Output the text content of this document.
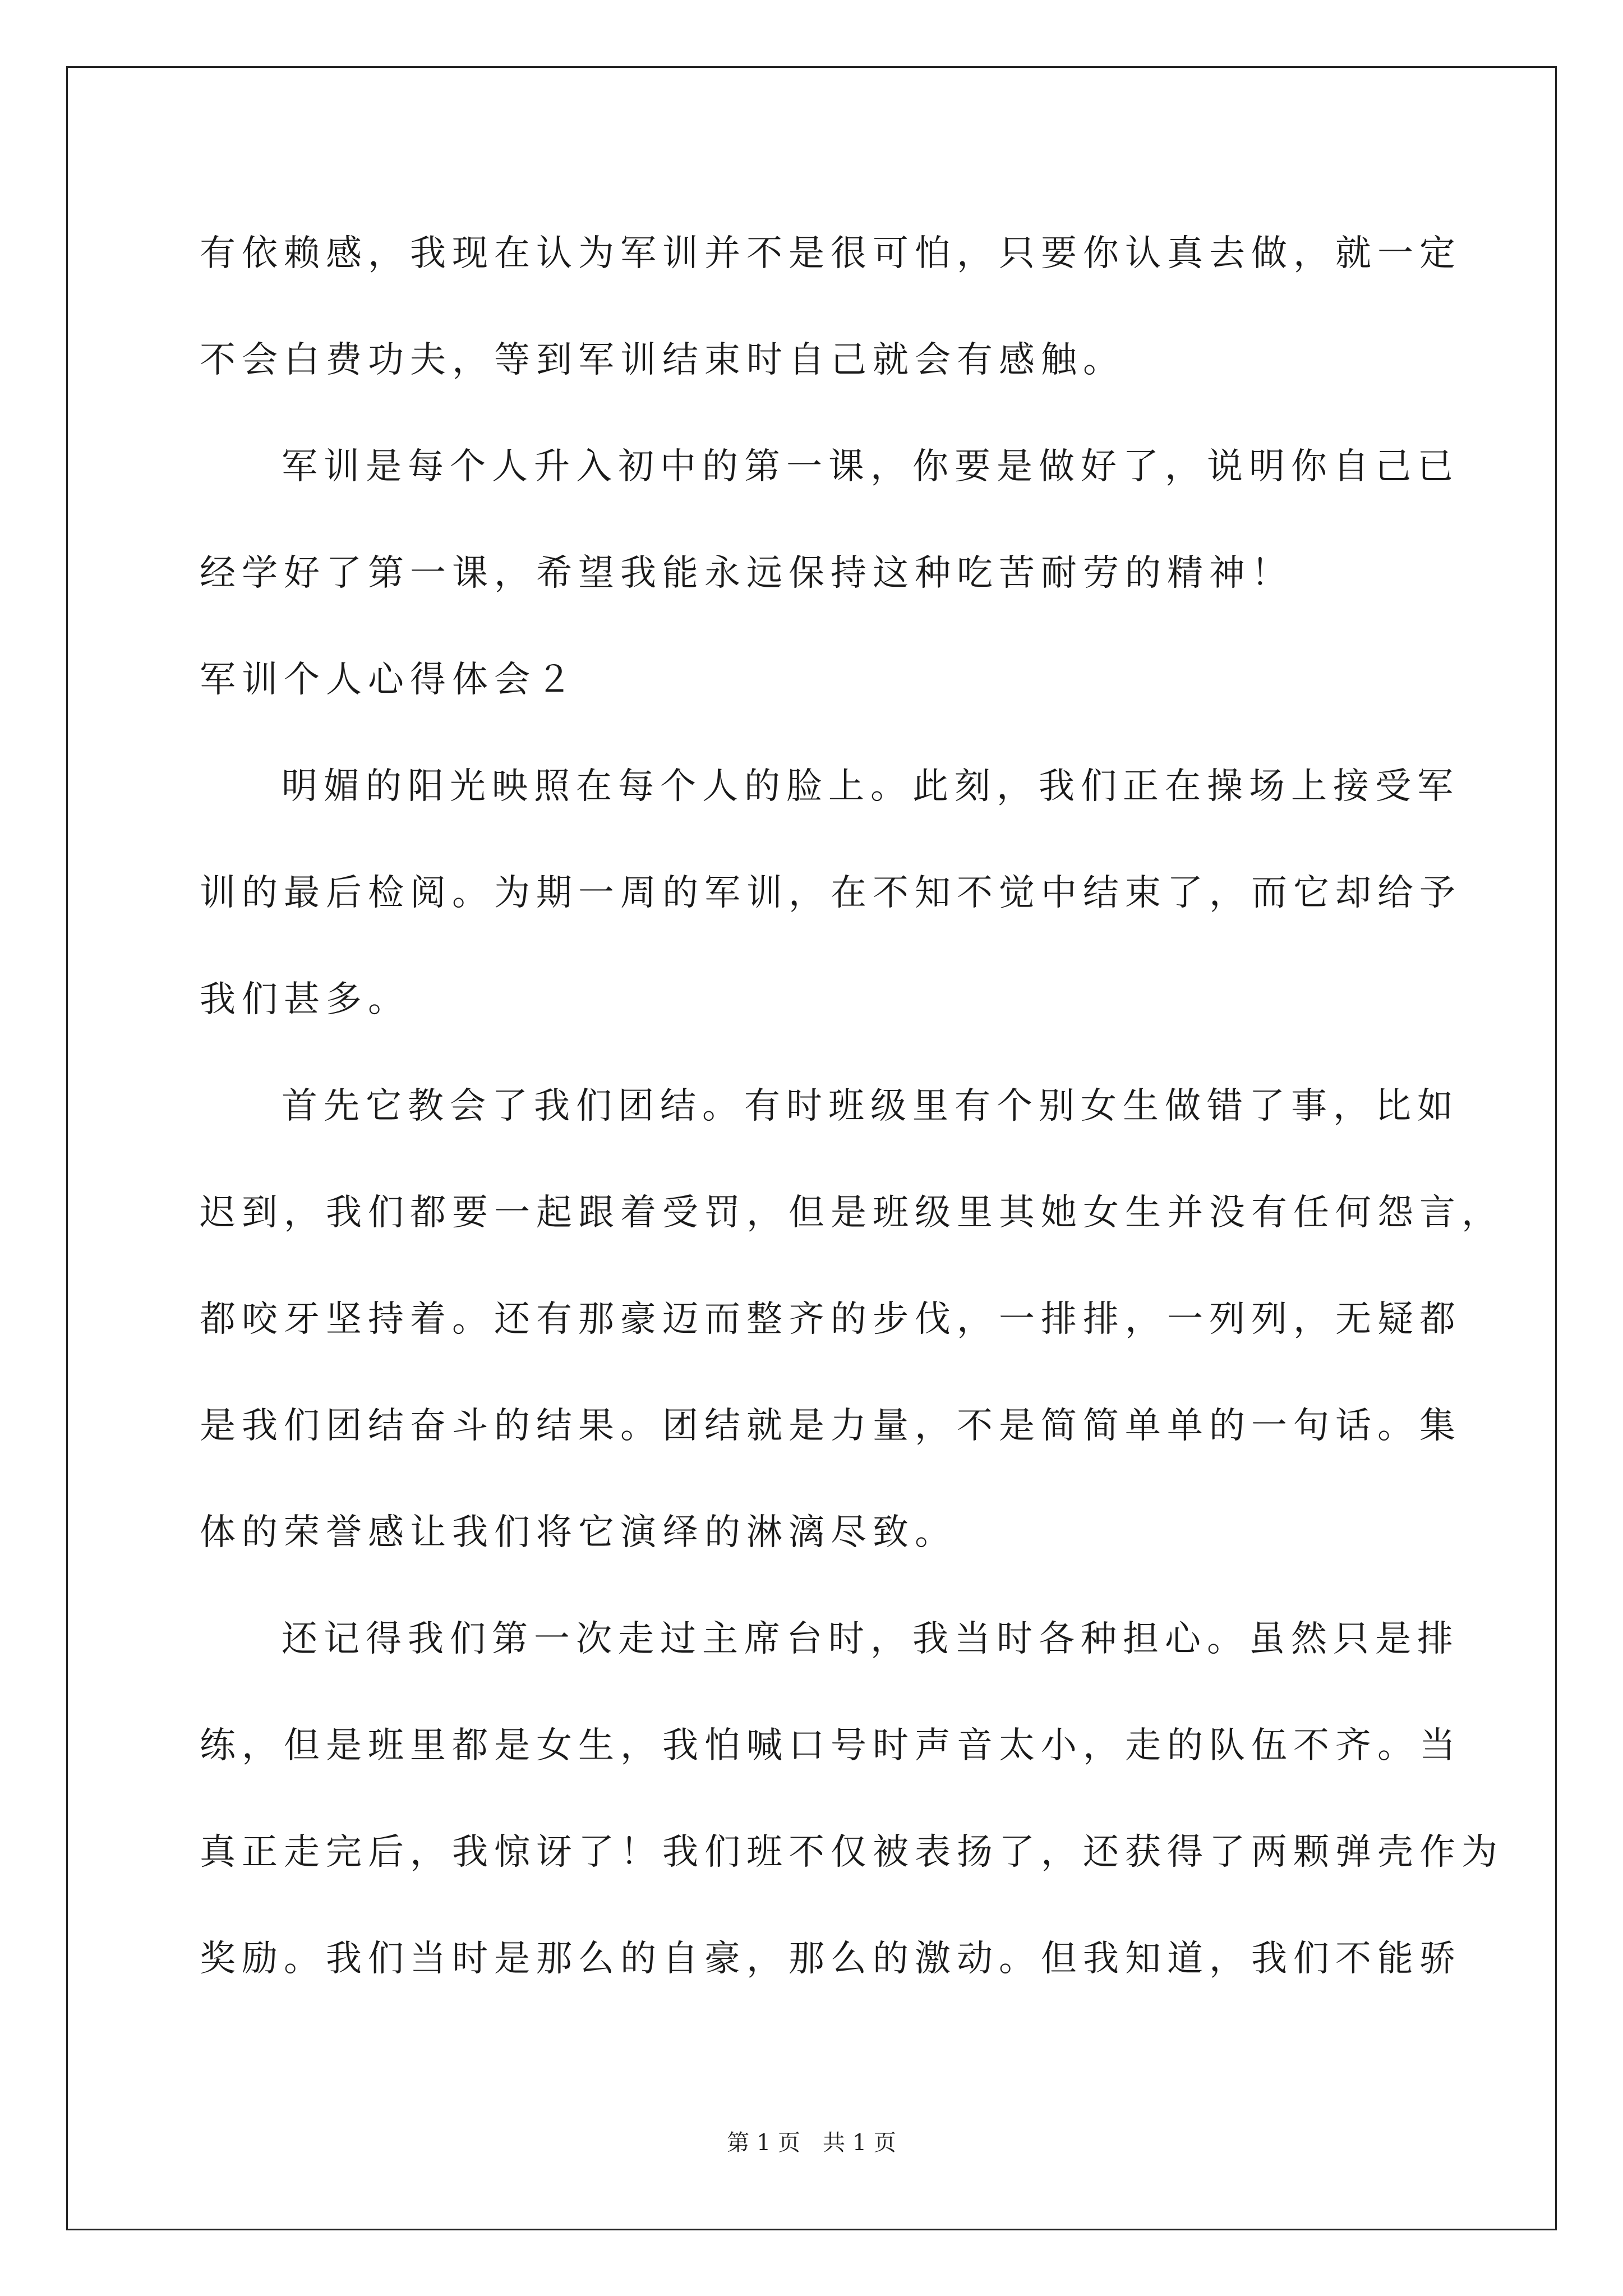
有依赖感，我现在认为军训并不是很可怕，只要你认真去做，就一定
不会白费功夫，等到军训结束时自己就会有感触。
军训是每个人升入初中的第一课，你要是做好了，说明你自己已
经学好了第一课，希望我能永远保持这种吃苦耐劳的精神！
军训个人心得体会２
明媚的阳光映照在每个人的脸上。此刻，我们正在操场上接受军
训的最后检阅。为期一周的军训，在不知不觉中结束了，而它却给予
我们甚多。
首先它教会了我们团结。有时班级里有个别女生做错了事，比如
迟到，我们都要一起跟着受罚，但是班级里其她女生并没有任何怨言，
都咬牙坚持着。还有那豪迈而整齐的步伐，一排排，一列列，无疑都
是我们团结奋斗的结果。团结就是力量，不是简简单单的一句话。集
体的荣誉感让我们将它演绎的淋漓尽致。
还记得我们第一次走过主席台时，我当时各种担心。虽然只是排
练，但是班里都是女生，我怕喊口号时声音太小，走的队伍不齐。当
真正走完后，我惊讶了！我们班不仅被表扬了，还获得了两颗弹壳作为
奖励。我们当时是那么的自豪，那么的激动。但我知道，我们不能骄
第 1 页　共 1 页
